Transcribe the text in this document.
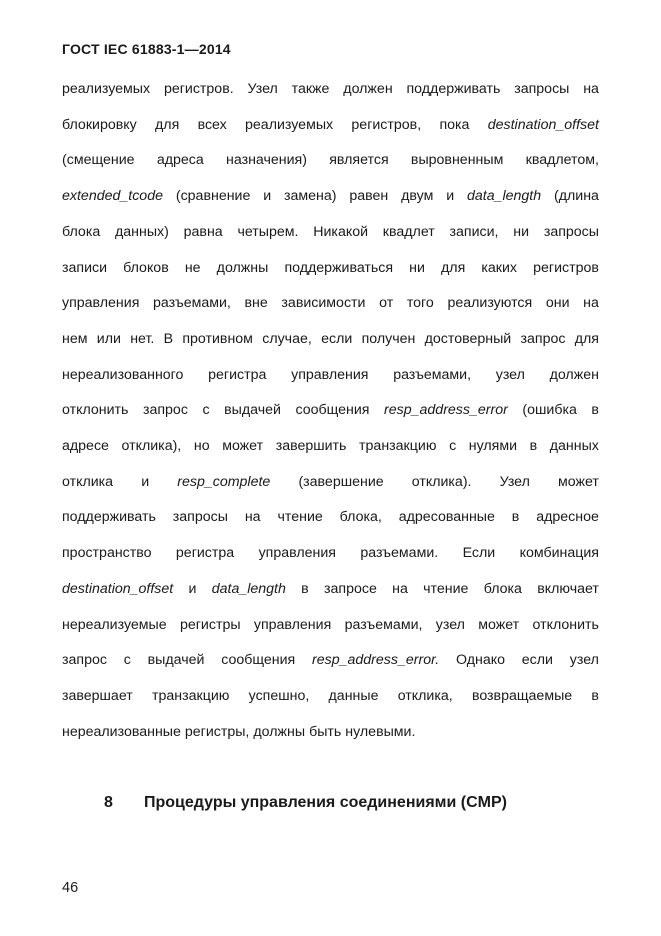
ГОСТ IEC 61883-1—2014
реализуемых регистров. Узел также должен поддерживать запросы на
блокировку для всех реализуемых регистров, пока destination_offset
(смещение адреса назначения) является выровненным квадлетом,
extended_tcode (сравнение и замена) равен двум и data_length (длина
блока данных) равна четырем. Никакой квадлет записи, ни запросы
записи блоков не должны поддерживаться ни для каких регистров
управления разъемами, вне зависимости от того реализуются они на
нем или нет. В противном случае, если получен достоверный запрос для
нереализованного регистра управления разъемами, узел должен
отклонить запрос с выдачей сообщения resp_address_error (ошибка в
адресе отклика), но может завершить транзакцию с нулями в данных
отклика и resp_complete (завершение отклика). Узел может
поддерживать запросы на чтение блока, адресованные в адресное
пространство регистра управления разъемами. Если комбинация
destination_offset и data_length в запросе на чтение блока включает
нереализуемые регистры управления разъемами, узел может отклонить
запрос с выдачей сообщения resp_address_error. Однако если узел
завершает транзакцию успешно, данные отклика, возвращаемые в
нереализованные регистры, должны быть нулевыми.
8 Процедуры управления соединениями (CMP)
46
